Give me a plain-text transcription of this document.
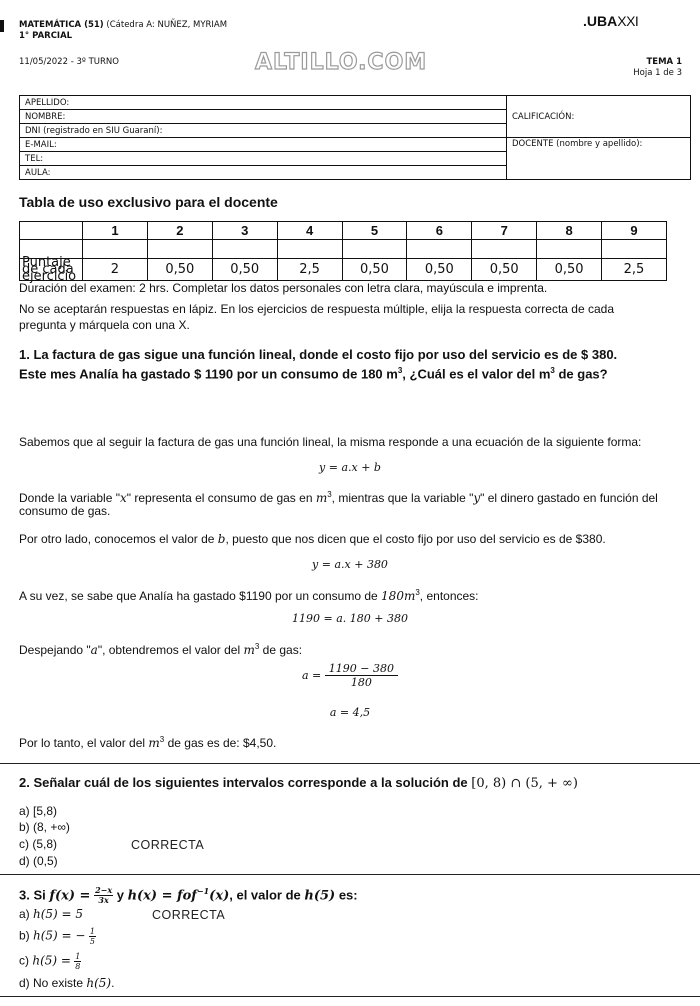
MATEMÁTICA (51) (Cátedra A: NUÑEZ, MYRIAM
1° PARCIAL
11/05/2022 - 3º TURNO	ALTILLO.COM
.UBAXXI
TEMA 1
Hoja 1 de 3
APELLIDO:	CALIFICACIÓN:
NOMBRE:	
DNI (registrado en SIU Guaraní):	
E-MAIL:	DOCENTE (nombre y apellido):
TEL:	
AULA:	
Tabla de uso exclusivo para el docente
	1	2	3	4	5	6	7	8	9

Puntaje de cada ejercicio	2	0,50	0,50	2,5	0,50	0,50	0,50	0,50	2,5
Duración del examen: 2 hrs. Completar los datos personales con letra clara, mayúscula e imprenta.
No se aceptarán respuestas en lápiz. En los ejercicios de respuesta múltiple, elija la respuesta correcta de cada
pregunta y márquela con una X.
1. La factura de gas sigue una función lineal, donde el costo fijo por uso del servicio es de $ 380.
Este mes Analía ha gastado $ 1190 por un consumo de 180 $m^3$, ¿Cuál es el valor del $m^3$ de gas?
Sabemos que al seguir la factura de gas una función lineal, la misma responde a una ecuación de la siguiente forma:
y = a.x + b
Donde la variable "x" representa el consumo de gas en $m^3$, mientras que la variable "y" el dinero gastado en función del
consumo de gas.
Por otro lado, conocemos el valor de b, puesto que nos dicen que el costo fijo por uso del servicio es de $380.
y = a.x + 380
A su vez, se sabe que Analía ha gastado $1190 por un consumo de $180m^3$, entonces:
1190 = a. 180 + 380
Despejando "a", obtendremos el valor del $m^3$ de gas:
$a = \frac{1190 - 380}{180}$
a = 4,5
Por lo tanto, el valor del $m^3$ de gas es de: $4,50.
2. Señalar cuál de los siguientes intervalos corresponde a la solución de [0, 8) ∩ (5, + ∞)
a) [5,8)
b) (8, +∞)
c) (5,8)	CORRECTA
d) (0,5)
3. Si $f(x) = \frac{2-x}{3x}$ y h(x) = fof$^{-1}$(x), el valor de h(5) es:
a) h(5) = 5	CORRECTA
b) h(5) = − $\frac{1}{5}$
c) $h(5) = \frac{1}{8}$
d) No existe h(5).
